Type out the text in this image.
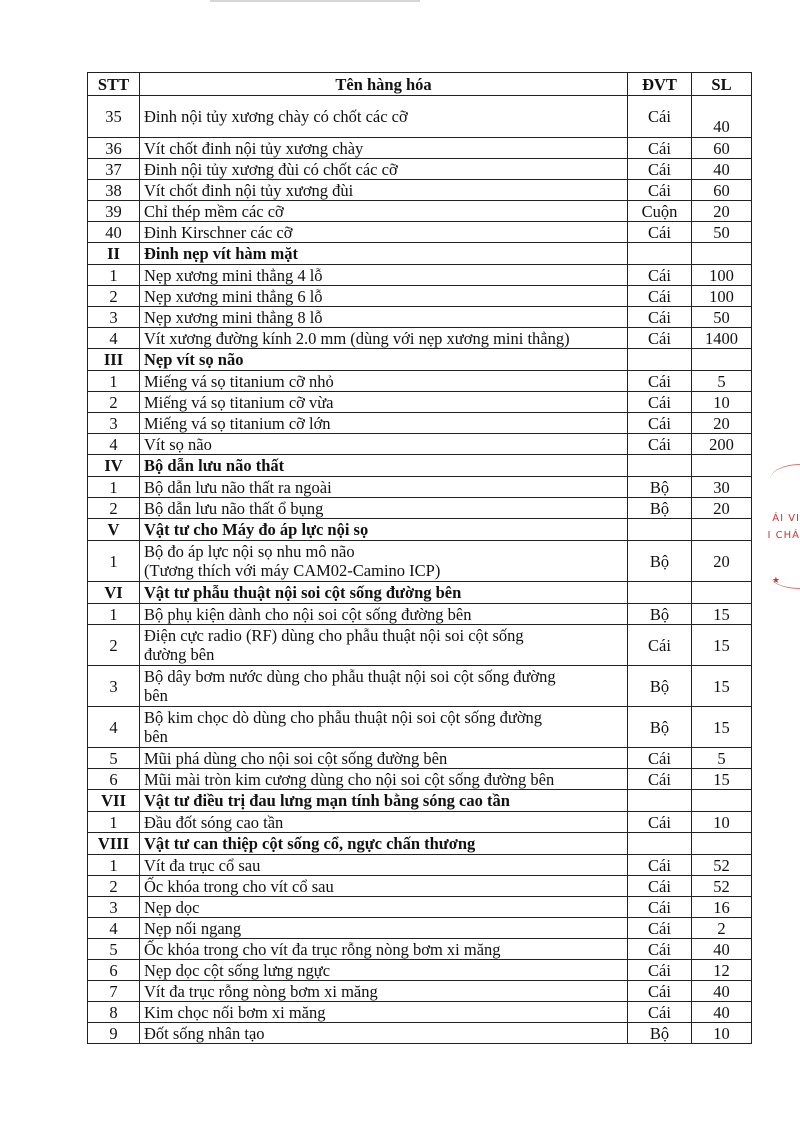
STT	Tên hàng hóa	ĐVT	SL
35	Đinh nội tủy xương chày có chốt các cỡ	Cái	40
36	Vít chốt đinh nội tủy xương chày	Cái	60
37	Đinh nội tủy xương đùi có chốt các cỡ	Cái	40
38	Vít chốt đinh nội tủy xương đùi	Cái	60
39	Chỉ thép mềm các cỡ	Cuộn	20
40	Đinh Kirschner các cỡ	Cái	50
II	Đinh nẹp vít hàm mặt		
1	Nẹp xương mini thẳng 4 lỗ	Cái	100
2	Nẹp xương mini thẳng 6 lỗ	Cái	100
3	Nẹp xương mini thẳng 8 lỗ	Cái	50
4	Vít xương đường kính 2.0 mm (dùng với nẹp xương mini thẳng)	Cái	1400
III	Nẹp vít sọ não		
1	Miếng vá sọ titanium cỡ nhỏ	Cái	5
2	Miếng vá sọ titanium cỡ vừa	Cái	10
3	Miếng vá sọ titanium cỡ lớn	Cái	20
4	Vít sọ não	Cái	200
IV	Bộ dẫn lưu não thất		
1	Bộ dẫn lưu não thất ra ngoài	Bộ	30
2	Bộ dẫn lưu não thất ổ bụng	Bộ	20
V	Vật tư cho Máy đo áp lực nội sọ		
1	Bộ đo áp lực nội sọ nhu mô não
(Tương thích với máy CAM02-Camino ICP)	Bộ	20
VI	Vật tư phẫu thuật nội soi cột sống đường bên		
1	Bộ phụ kiện dành cho nội soi cột sống đường bên	Bộ	15
2	Điện cực radio (RF) dùng cho phẫu thuật nội soi cột sống
đường bên	Cái	15
3	Bộ dây bơm nước dùng cho phẫu thuật nội soi cột sống đường
bên	Bộ	15
4	Bộ kim chọc dò dùng cho phẫu thuật nội soi cột sống đường
bên	Bộ	15
5	Mũi phá dùng cho nội soi cột sống đường bên	Cái	5
6	Mũi mài tròn kim cương dùng cho nội soi cột sống đường bên	Cái	15
VII	Vật tư điều trị đau lưng mạn tính bằng sóng cao tần		
1	Đầu đốt sóng cao tần	Cái	10
VIII	Vật tư can thiệp cột sống cổ, ngực chấn thương		
1	Vít đa trục cổ sau	Cái	52
2	Ốc khóa trong cho vít cổ sau	Cái	52
3	Nẹp dọc	Cái	16
4	Nẹp nối ngang	Cái	2
5	Ốc khóa trong cho vít đa trục rỗng nòng bơm xi măng	Cái	40
6	Nẹp dọc cột sống lưng ngực	Cái	12
7	Vít đa trục rỗng nòng bơm xi măng	Cái	40
8	Kim chọc nối bơm xi măng	Cái	40
9	Đốt sống nhân tạo	Bộ	10
ÁI VI
I CHÁ
★
